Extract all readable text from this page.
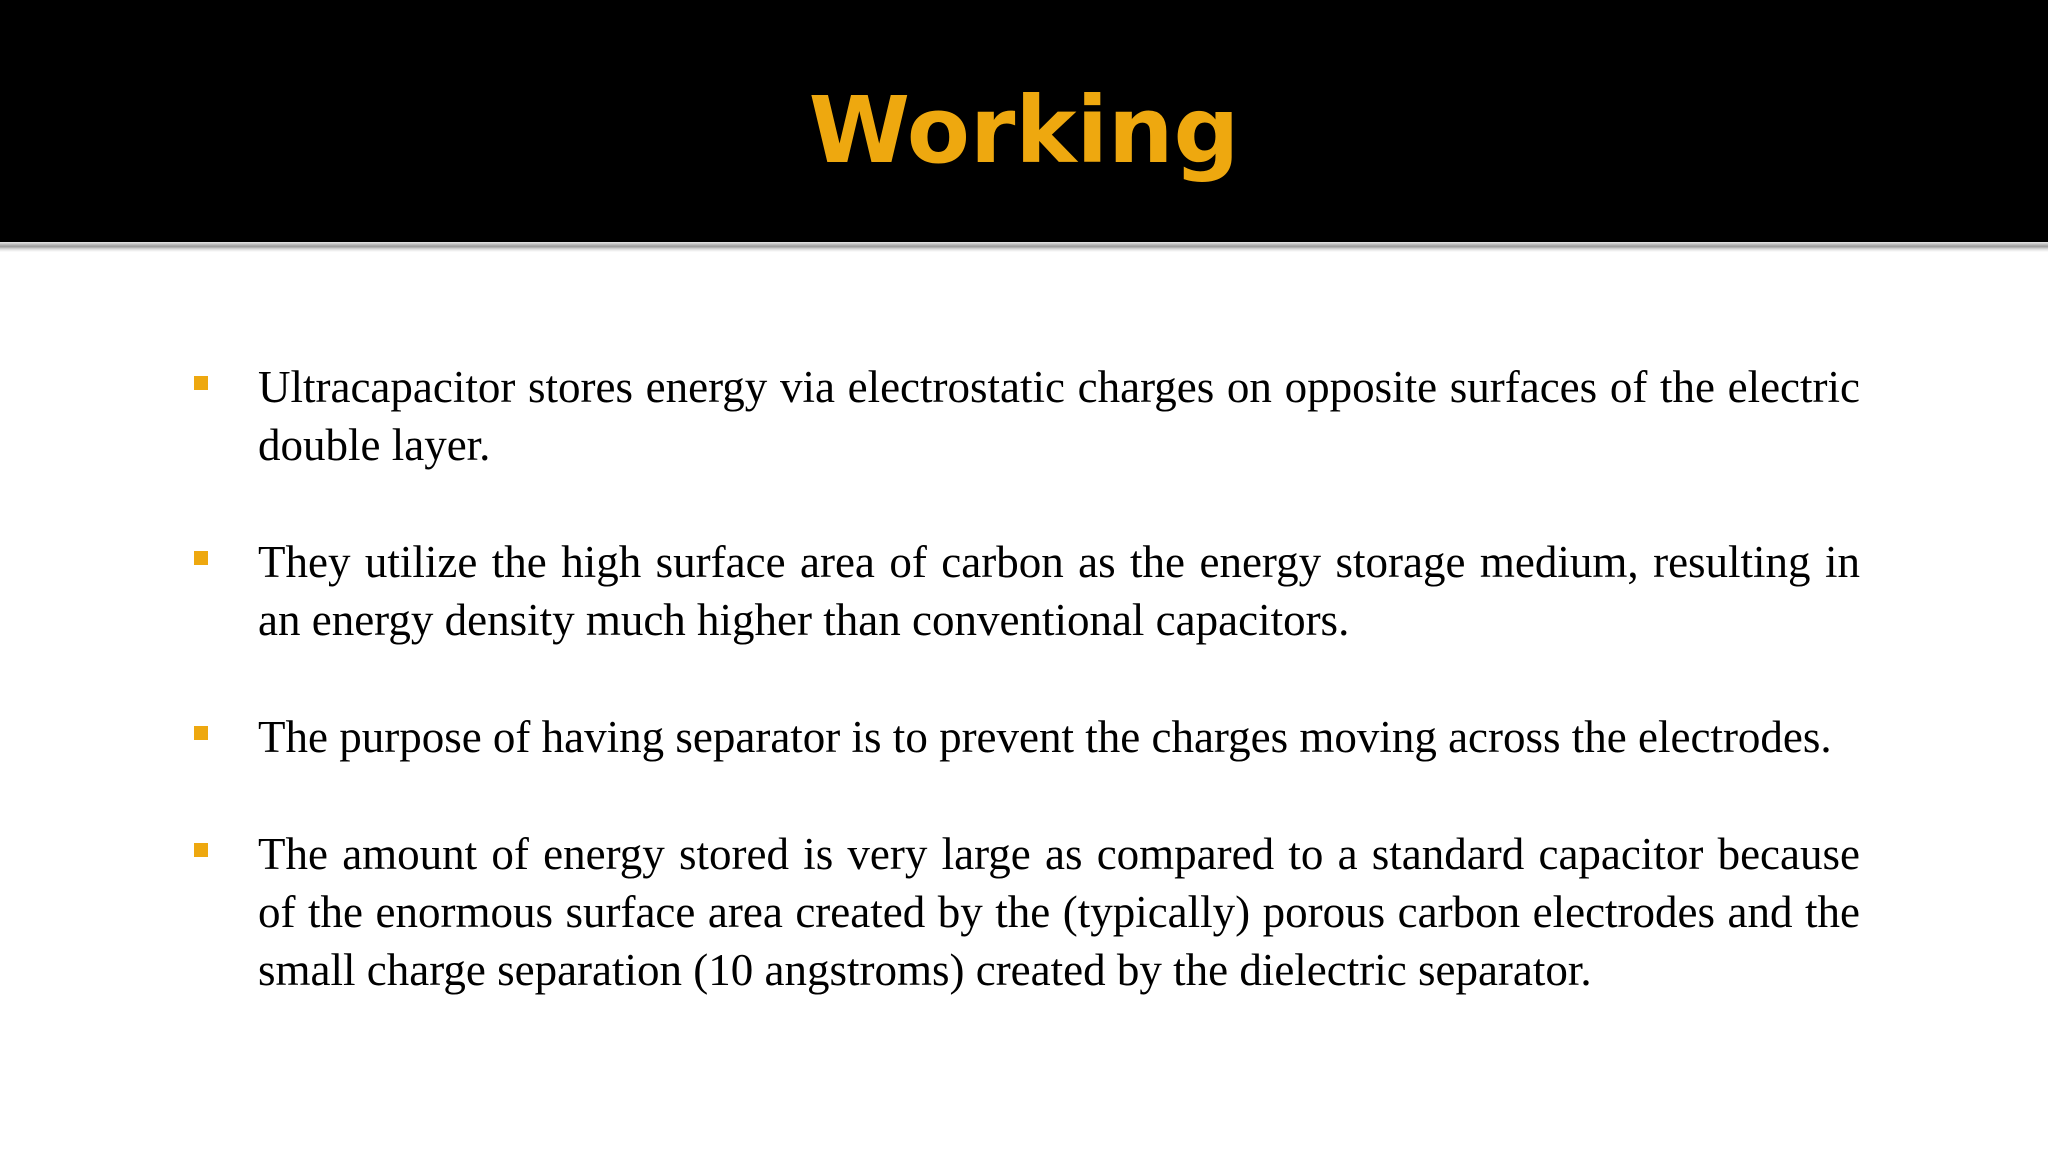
Working
Ultracapacitor stores energy via electrostatic charges on opposite surfaces of the electric double layer.
They utilize the high surface area of carbon as the energy storage medium, resulting in an energy density much higher than conventional capacitors.
The purpose of having separator is to prevent the charges moving across the electrodes.
The amount of energy stored is very large as compared to a standard capacitor because of the enormous surface area created by the (typically) porous carbon electrodes and the small charge separation (10 angstroms) created by the dielectric separator.
